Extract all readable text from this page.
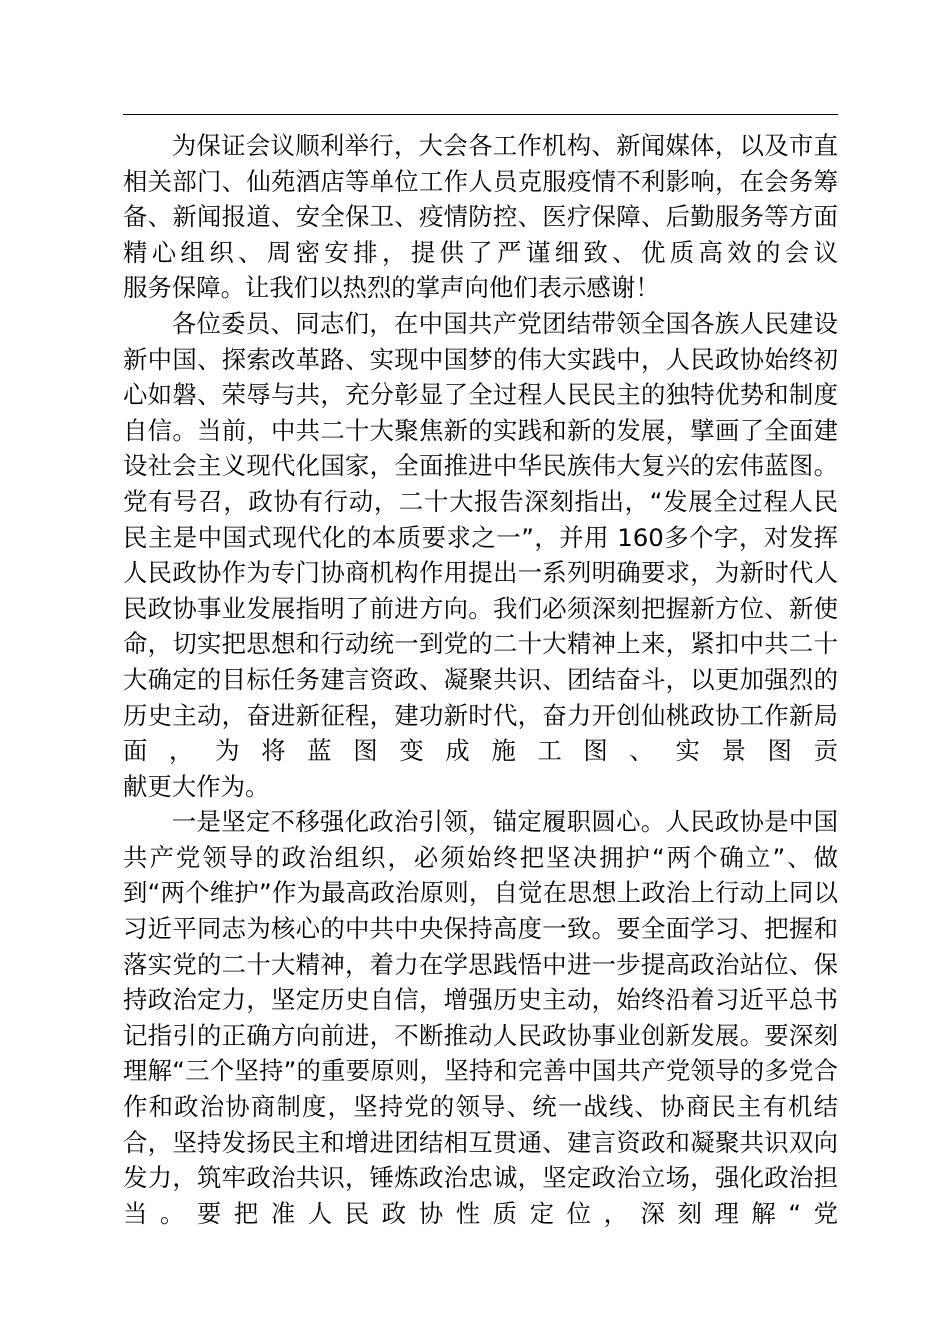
为保证会议顺利举行，大会各工作机构、新闻媒体，以及市直相关部门、仙苑酒店等单位工作人员克服疫情不利影响，在会务筹备、新闻报道、安全保卫、疫情防控、医疗保障、后勤服务等方面精心组织、周密安排，提供了严谨细致、优质高效的会议
服务保障。让我们以热烈的掌声向他们表示感谢！

各位委员、同志们，在中国共产党团结带领全国各族人民建设新中国、探索改革路、实现中国梦的伟大实践中，人民政协始终初心如磐、荣辱与共，充分彰显了全过程人民民主的独特优势和制度自信。当前，中共二十大聚焦新的实践和新的发展，擘画了全面建设社会主义现代化国家，全面推进中华民族伟大复兴的宏伟蓝图。党有号召，政协有行动，二十大报告深刻指出，“发展全过程人民民主是中国式现代化的本质要求之一”，并用 160多个字，对发挥人民政协作为专门协商机构作用提出一系列明确要求，为新时代人民政协事业发展指明了前进方向。我们必须深刻把握新方位、新使命，切实把思想和行动统一到党的二十大精神上来，紧扣中共二十大确定的目标任务建言资政、凝聚共识、团结奋斗，以更加强烈的历史主动，奋进新征程，建功新时代，奋力开创仙桃政协工作新局面，为将蓝图变成施工图、实景图贡
献更大作为。

一是坚定不移强化政治引领，锚定履职圆心。人民政协是中国共产党领导的政治组织，必须始终把坚决拥护“两个确立”、做到“两个维护”作为最高政治原则，自觉在思想上政治上行动上同以习近平同志为核心的中共中央保持高度一致。要全面学习、把握和落实党的二十大精神，着力在学思践悟中进一步提高政治站位、保持政治定力，坚定历史自信，增强历史主动，始终沿着习近平总书记指引的正确方向前进，不断推动人民政协事业创新发展。要深刻理解“三个坚持”的重要原则，坚持和完善中国共产党领导的多党合作和政治协商制度，坚持党的领导、统一战线、协商民主有机结合，坚持发扬民主和增进团结相互贯通、建言资政和凝聚共识双向发力，筑牢政治共识，锤炼政治忠诚，坚定政治立场，强化政治担当。要把准人民政协性质定位，深刻理解“党
